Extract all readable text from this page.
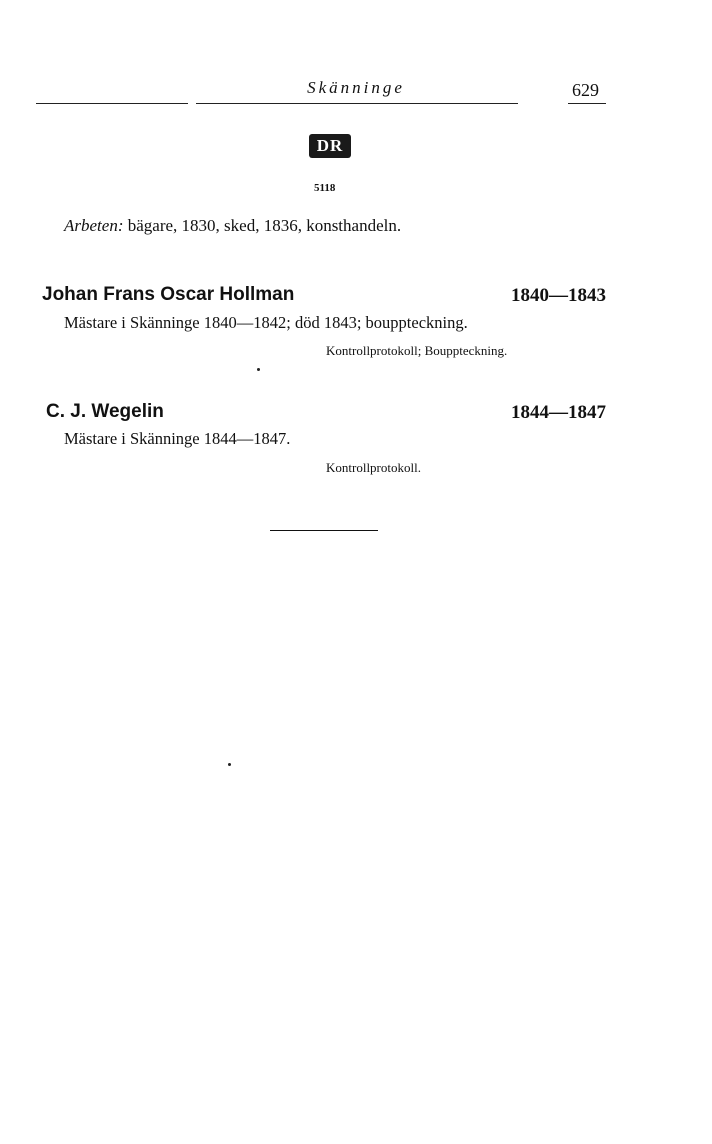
Skänninge	629
DR
5118
Arbeten: bägare, 1830, sked, 1836, konsthandeln.
Johan Frans Oscar Hollman	1840—1843
Mästare i Skänninge 1840—1842; död 1843; bouppteckning.
Kontrollprotokoll; Bouppteckning.
C. J. Wegelin	1844—1847
Mästare i Skänninge 1844—1847.
Kontrollprotokoll.
